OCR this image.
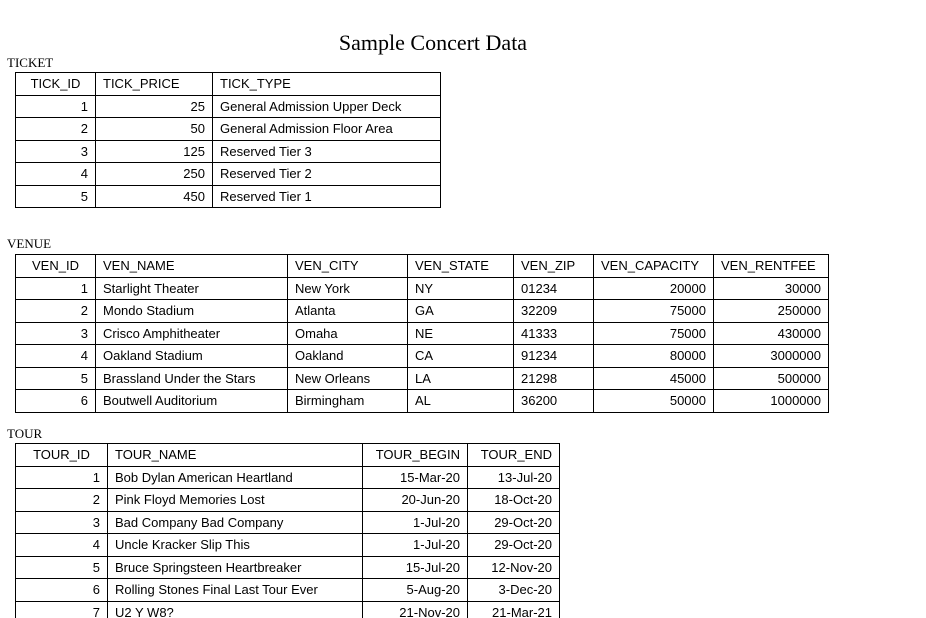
Sample Concert Data
TICKET
TICK_ID	TICK_PRICE	TICK_TYPE
1	25	General Admission Upper Deck
2	50	General Admission Floor Area
3	125	Reserved Tier 3
4	250	Reserved Tier 2
5	450	Reserved Tier 1
VENUE
VEN_ID	VEN_NAME	VEN_CITY	VEN_STATE	VEN_ZIP	VEN_CAPACITY	VEN_RENTFEE
1	Starlight Theater	New York	NY	01234	20000	30000
2	Mondo Stadium	Atlanta	GA	32209	75000	250000
3	Crisco Amphitheater	Omaha	NE	41333	75000	430000
4	Oakland Stadium	Oakland	CA	91234	80000	3000000
5	Brassland Under the Stars	New Orleans	LA	21298	45000	500000
6	Boutwell Auditorium	Birmingham	AL	36200	50000	1000000
TOUR
TOUR_ID	TOUR_NAME	TOUR_BEGIN	TOUR_END
1	Bob Dylan American Heartland	15-Mar-20	13-Jul-20
2	Pink Floyd Memories Lost	20-Jun-20	18-Oct-20
3	Bad Company Bad Company	1-Jul-20	29-Oct-20
4	Uncle Kracker Slip This	1-Jul-20	29-Oct-20
5	Bruce Springsteen Heartbreaker	15-Jul-20	12-Nov-20
6	Rolling Stones Final Last Tour Ever	5-Aug-20	3-Dec-20
7	U2 Y W8?	21-Nov-20	21-Mar-21
